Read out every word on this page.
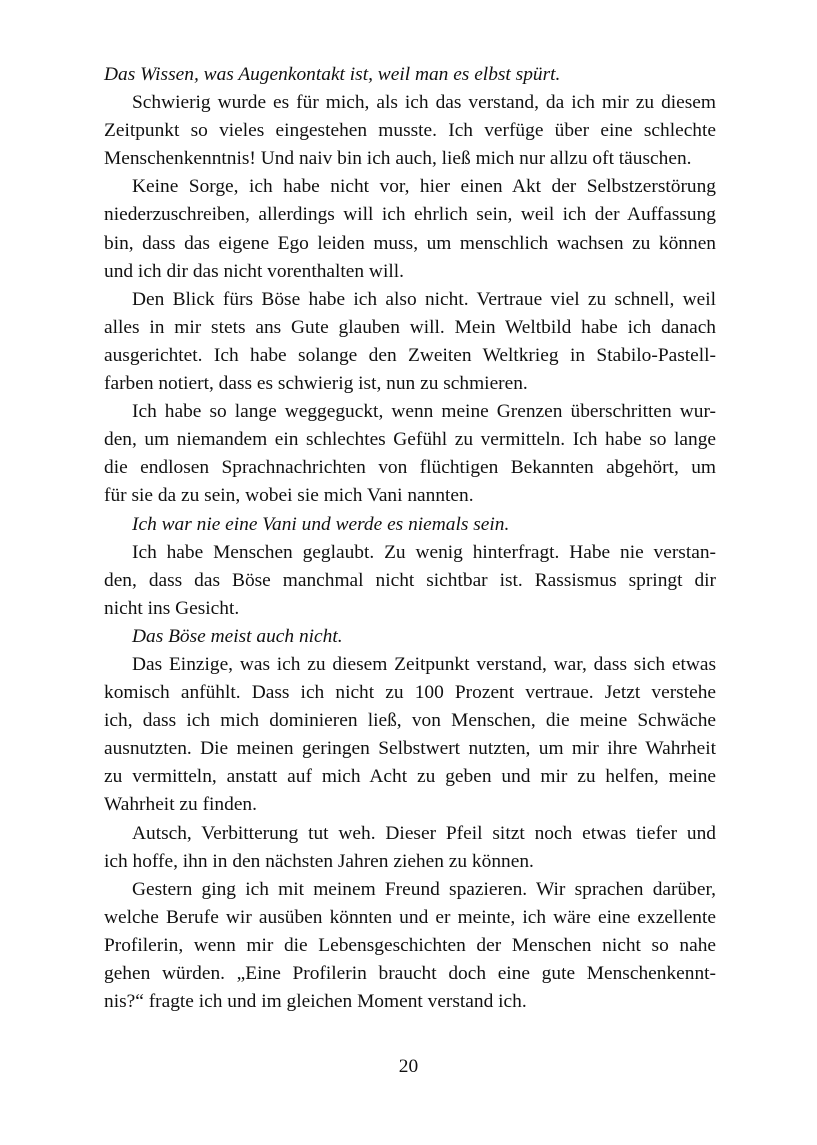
Das Wissen, was Augenkontakt ist, weil man es elbst spürt.
Schwierig wurde es für mich, als ich das verstand, da ich mir zu diesem
Zeitpunkt so vieles eingestehen musste. Ich verfüge über eine schlechte
Menschenkenntnis! Und naiv bin ich auch, ließ mich nur allzu oft täuschen.
Keine Sorge, ich habe nicht vor, hier einen Akt der Selbstzerstörung
niederzuschreiben, allerdings will ich ehrlich sein, weil ich der Auffassung
bin, dass das eigene Ego leiden muss, um menschlich wachsen zu können
und ich dir das nicht vorenthalten will.
Den Blick fürs Böse habe ich also nicht. Vertraue viel zu schnell, weil
alles in mir stets ans Gute glauben will. Mein Weltbild habe ich danach
ausgerichtet. Ich habe solange den Zweiten Weltkrieg in Stabilo-Pastell-
farben notiert, dass es schwierig ist, nun zu schmieren.
Ich habe so lange weggeguckt, wenn meine Grenzen überschritten wur-
den, um niemandem ein schlechtes Gefühl zu vermitteln. Ich habe so lange
die endlosen Sprachnachrichten von flüchtigen Bekannten abgehört, um
für sie da zu sein, wobei sie mich Vani nannten.
Ich war nie eine Vani und werde es niemals sein.
Ich habe Menschen geglaubt. Zu wenig hinterfragt. Habe nie verstan-
den, dass das Böse manchmal nicht sichtbar ist. Rassismus springt dir
nicht ins Gesicht.
Das Böse meist auch nicht.
Das Einzige, was ich zu diesem Zeitpunkt verstand, war, dass sich etwas
komisch anfühlt. Dass ich nicht zu 100 Prozent vertraue. Jetzt verstehe
ich, dass ich mich dominieren ließ, von Menschen, die meine Schwäche
ausnutzten. Die meinen geringen Selbstwert nutzten, um mir ihre Wahrheit
zu vermitteln, anstatt auf mich Acht zu geben und mir zu helfen, meine
Wahrheit zu finden.
Autsch, Verbitterung tut weh. Dieser Pfeil sitzt noch etwas tiefer und
ich hoffe, ihn in den nächsten Jahren ziehen zu können.
Gestern ging ich mit meinem Freund spazieren. Wir sprachen darüber,
welche Berufe wir ausüben könnten und er meinte, ich wäre eine exzellente
Profilerin, wenn mir die Lebensgeschichten der Menschen nicht so nahe
gehen würden. „Eine Profilerin braucht doch eine gute Menschenkennt-
nis?“ fragte ich und im gleichen Moment verstand ich.
20
